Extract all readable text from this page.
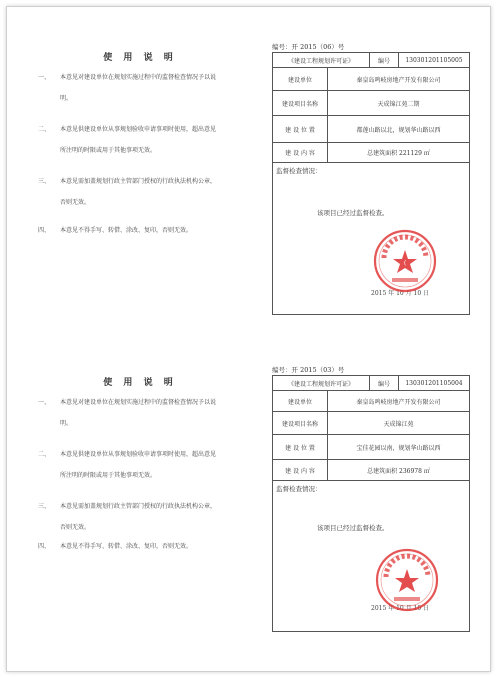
使 用 说 明
一、	本意见对建设单位在规划实施过程中的监督检查情况予以说
明。
二、	本意见供建设单位从事规划验收申请事项时使用，超出意见
所注明的时限或用于其他事项无效。
三、	本意见需加盖规划行政主管部门授权的行政执法机构公章，
否则无效。
四、	本意见不得手写、转借、涂改、复印，否则无效。
编号：开 2015（06）号
《建设工程规划许可证》	编号	130301201105005
建设单位	秦皇岛鸣岐房地产开发有限公司
建设项目名称	天成锦江苑二期
建 设 位 置	都莲山路以北，规划华山路以西
建 设 内 容	总建筑面积 221129 ㎡
监督检查情况：
该项目已经过监督检查。
2015 年 10 月 10 日
(
使 用 说 明
一、	本意见对建设单位在规划实施过程中的监督检查情况予以说
明。
二、	本意见供建设单位从事规划验收申请事项时使用，超出意见
所注明的时限或用于其他事项无效。
三、	本意见需加盖规划行政主管部门授权的行政执法机构公章，
否则无效。
四、	本意见不得手写、转借、涂改、复印，否则无效。
编号：开 2015（03）号
《建设工程规划许可证》	编号	130301201105004
建设单位	秦皇岛鸣岐房地产开发有限公司
建设项目名称	天成锦江苑
建 设 位 置	宝佳花园以南，规划华山路以西
建 设 内 容	总建筑面积 236978 ㎡
监督检查情况：
该项目已经过监督检查。
2015 年 10 月 10 日
